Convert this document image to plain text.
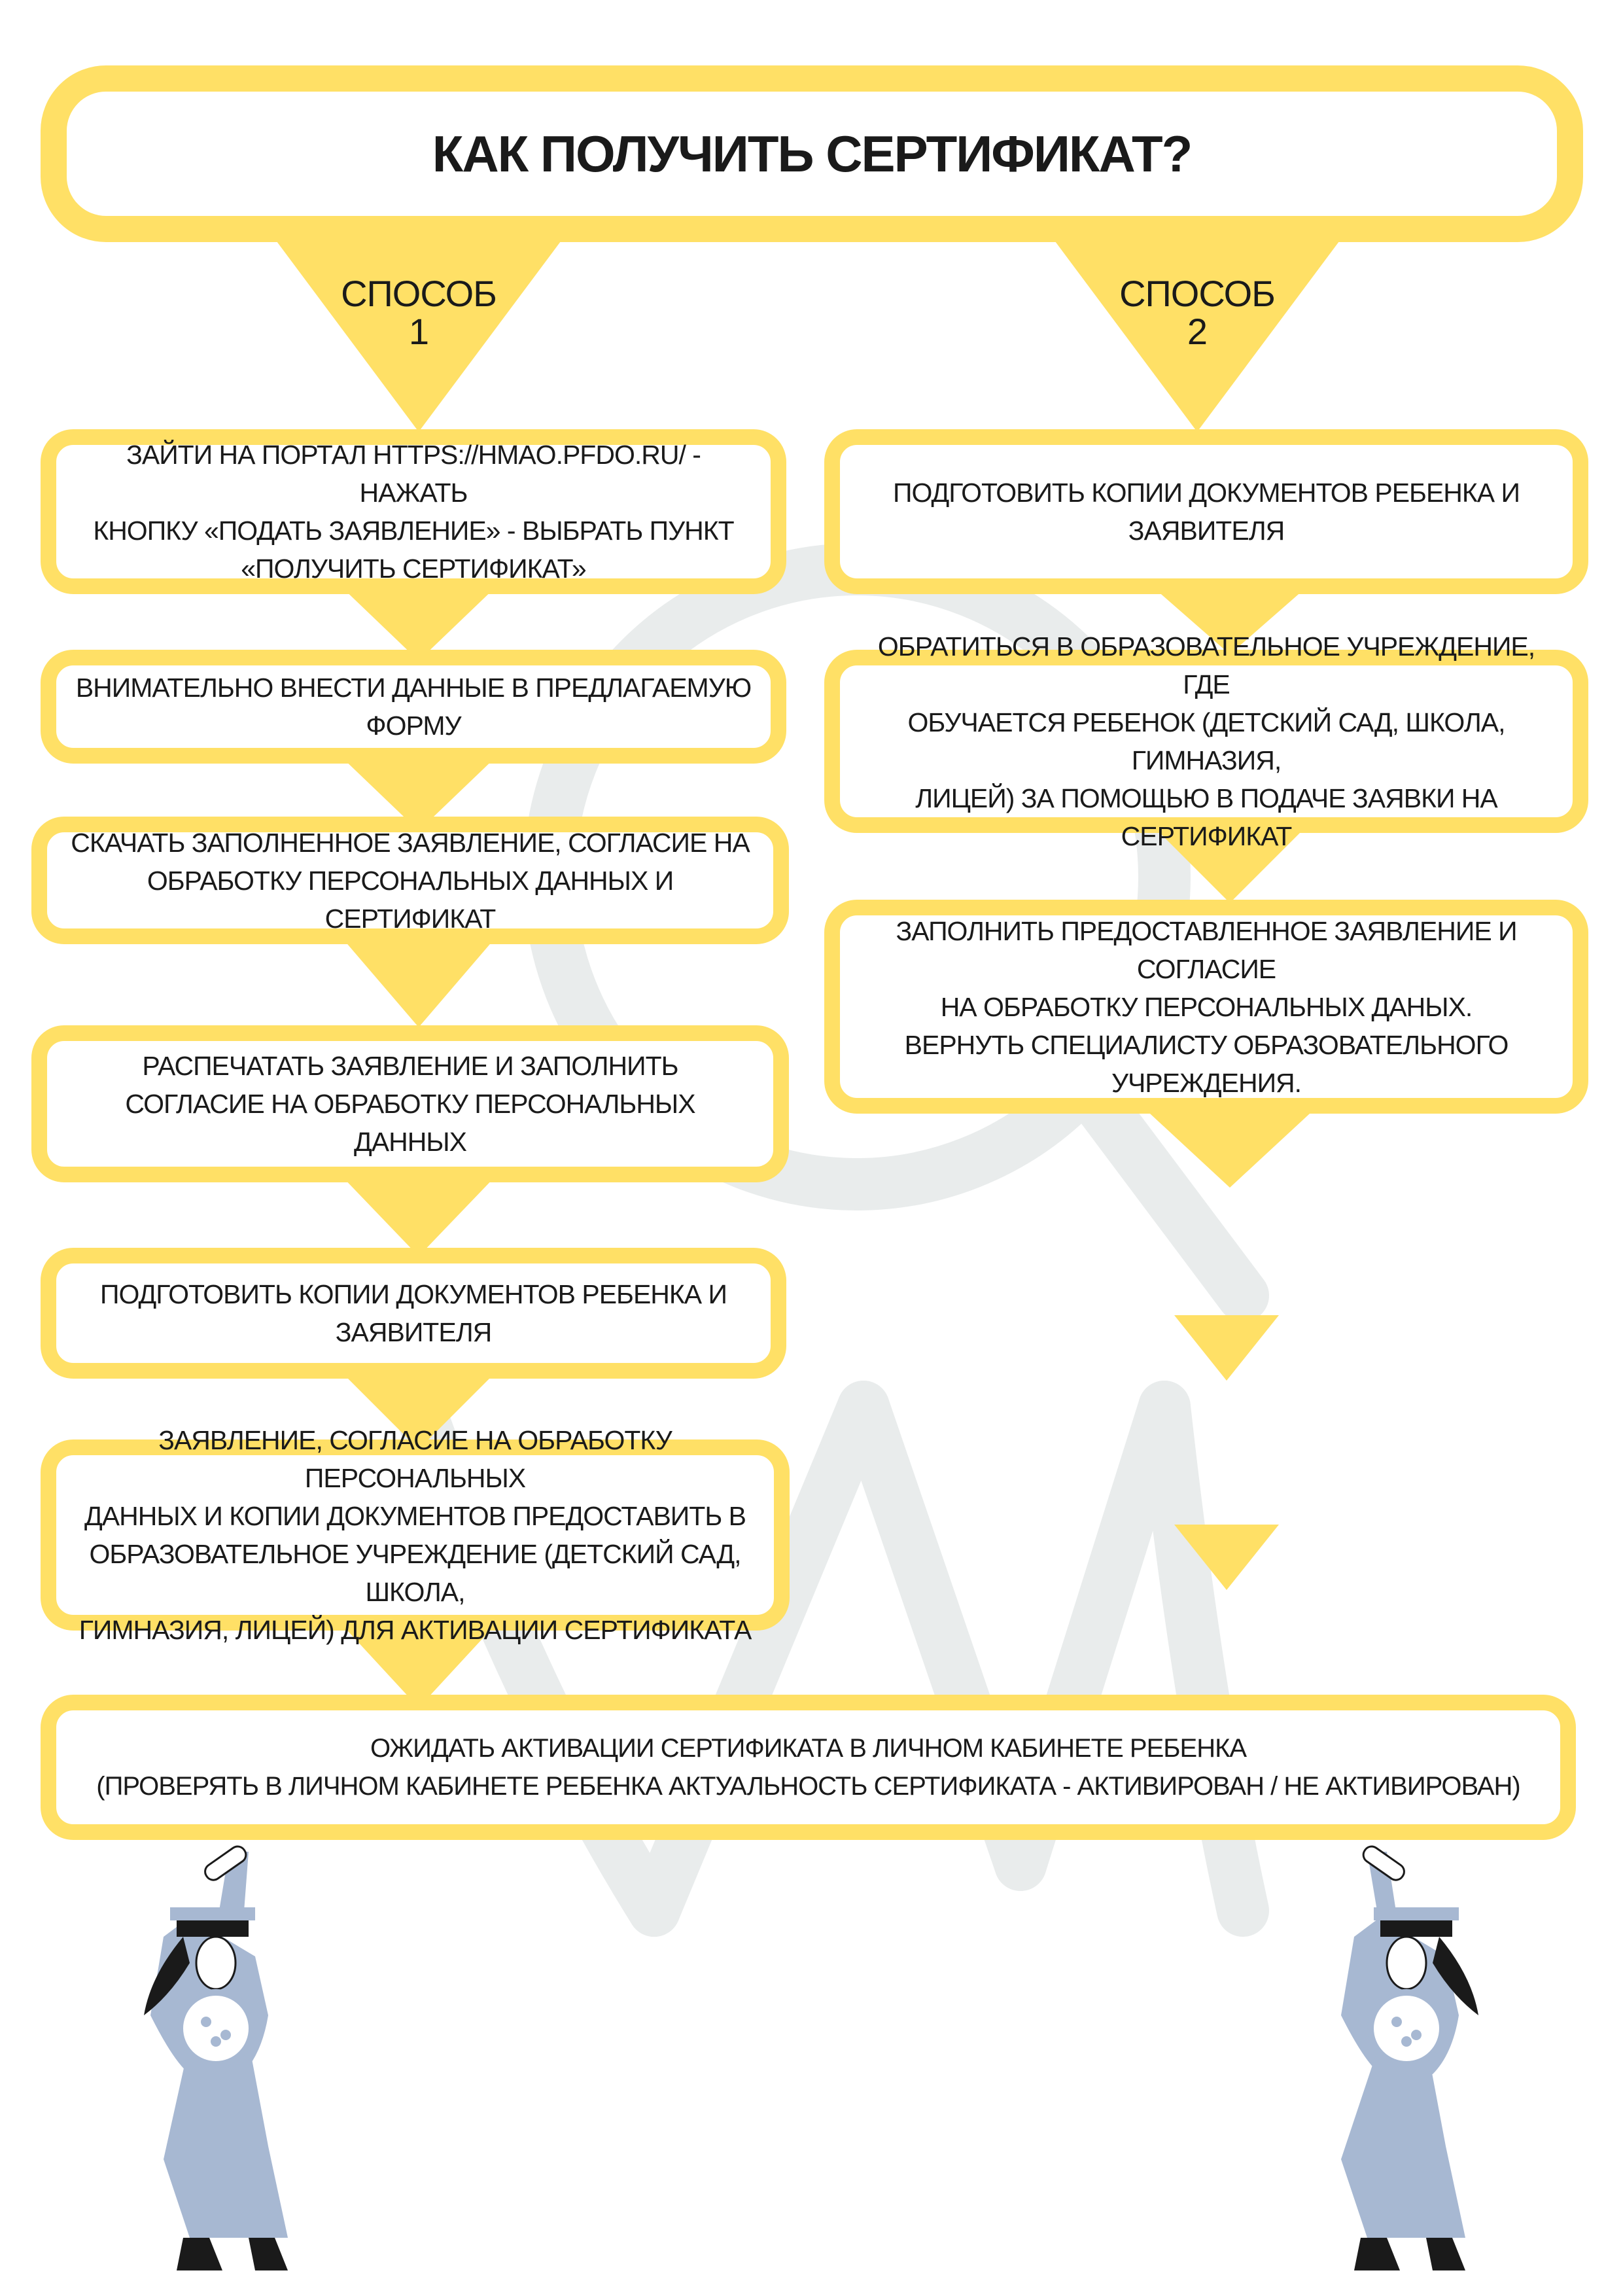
КАК ПОЛУЧИТЬ СЕРТИФИКАТ?
СПОСОБ
1
СПОСОБ
2
ЗАЙТИ НА ПОРТАЛ HTTPS://HMAO.PFDO.RU/ - НАЖАТЬ
КНОПКУ «ПОДАТЬ ЗАЯВЛЕНИЕ» - ВЫБРАТЬ ПУНКТ
«ПОЛУЧИТЬ СЕРТИФИКАТ»
ВНИМАТЕЛЬНО ВНЕСТИ ДАННЫЕ В ПРЕДЛАГАЕМУЮ
ФОРМУ
СКАЧАТЬ ЗАПОЛНЕННОЕ ЗАЯВЛЕНИЕ, СОГЛАСИЕ НА
ОБРАБОТКУ ПЕРСОНАЛЬНЫХ ДАННЫХ И
СЕРТИФИКАТ
РАСПЕЧАТАТЬ ЗАЯВЛЕНИЕ И ЗАПОЛНИТЬ
СОГЛАСИЕ НА ОБРАБОТКУ ПЕРСОНАЛЬНЫХ
ДАННЫХ
ПОДГОТОВИТЬ КОПИИ ДОКУМЕНТОВ РЕБЕНКА И
ЗАЯВИТЕЛЯ
ЗАЯВЛЕНИЕ, СОГЛАСИЕ НА ОБРАБОТКУ ПЕРСОНАЛЬНЫХ
ДАННЫХ И КОПИИ ДОКУМЕНТОВ ПРЕДОСТАВИТЬ В
ОБРАЗОВАТЕЛЬНОЕ УЧРЕЖДЕНИЕ (ДЕТСКИЙ САД, ШКОЛА,
ГИМНАЗИЯ, ЛИЦЕЙ) ДЛЯ АКТИВАЦИИ СЕРТИФИКАТА
ПОДГОТОВИТЬ КОПИИ ДОКУМЕНТОВ РЕБЕНКА И
ЗАЯВИТЕЛЯ
ОБРАТИТЬСЯ В ОБРАЗОВАТЕЛЬНОЕ УЧРЕЖДЕНИЕ, ГДЕ
ОБУЧАЕТСЯ РЕБЕНОК (ДЕТСКИЙ САД, ШКОЛА, ГИМНАЗИЯ,
ЛИЦЕЙ) ЗА ПОМОЩЬЮ В ПОДАЧЕ ЗАЯВКИ НА СЕРТИФИКАТ
ЗАПОЛНИТЬ ПРЕДОСТАВЛЕННОЕ ЗАЯВЛЕНИЕ И СОГЛАСИЕ
НА ОБРАБОТКУ ПЕРСОНАЛЬНЫХ ДАНЫХ.
ВЕРНУТЬ СПЕЦИАЛИСТУ ОБРАЗОВАТЕЛЬНОГО
УЧРЕЖДЕНИЯ.
ОЖИДАТЬ АКТИВАЦИИ СЕРТИФИКАТА В ЛИЧНОМ КАБИНЕТЕ РЕБЕНКА
(ПРОВЕРЯТЬ В ЛИЧНОМ КАБИНЕТЕ РЕБЕНКА АКТУАЛЬНОСТЬ СЕРТИФИКАТА - АКТИВИРОВАН / НЕ АКТИВИРОВАН)
